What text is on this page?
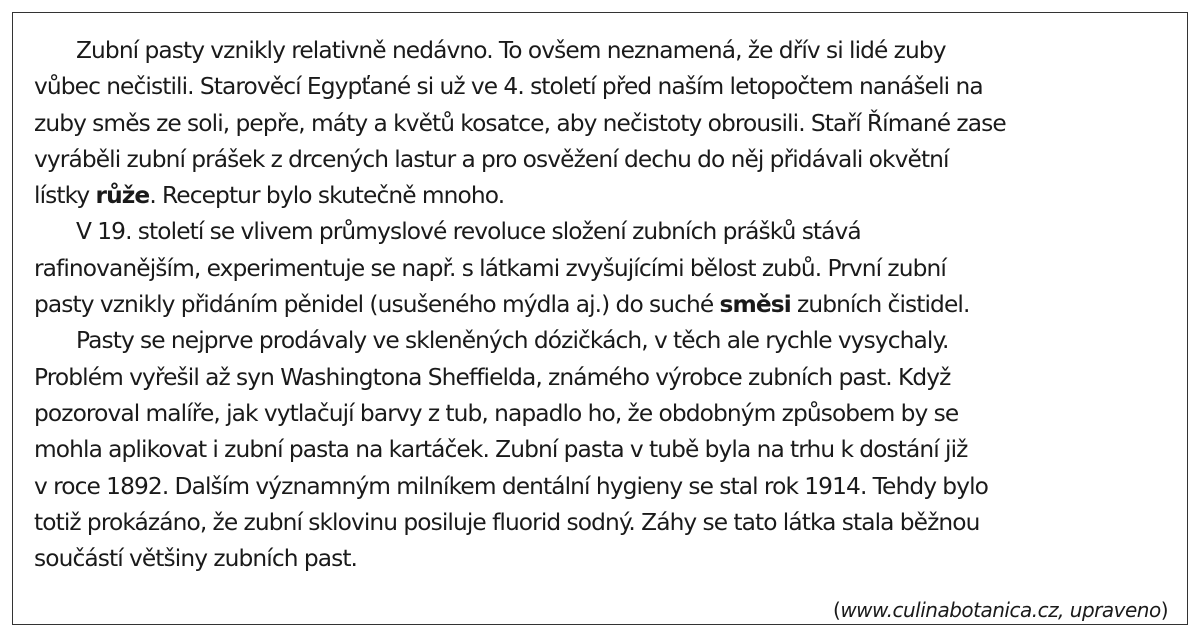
Zubní pasty vznikly relativně nedávno. To ovšem neznamená, že dřív si lidé zuby
vůbec nečistili. Starověcí Egypťané si už ve 4. století před naším letopočtem nanášeli na
zuby směs ze soli, pepře, máty a květů kosatce, aby nečistoty obrousili. Staří Římané zase
vyráběli zubní prášek z drcených lastur a pro osvěžení dechu do něj přidávali okvětní
lístky růže. Receptur bylo skutečně mnoho.
V 19. století se vlivem průmyslové revoluce složení zubních prášků stává
rafinovanějším, experimentuje se např. s látkami zvyšujícími bělost zubů. První zubní
pasty vznikly přidáním pěnidel (usušeného mýdla aj.) do suché směsi zubních čistidel.
Pasty se nejprve prodávaly ve skleněných dózičkách, v těch ale rychle vysychaly.
Problém vyřešil až syn Washingtona Sheffielda, známého výrobce zubních past. Když
pozoroval malíře, jak vytlačují barvy z tub, napadlo ho, že obdobným způsobem by se
mohla aplikovat i zubní pasta na kartáček. Zubní pasta v tubě byla na trhu k dostání již
v roce 1892. Dalším významným milníkem dentální hygieny se stal rok 1914. Tehdy bylo
totiž prokázáno, že zubní sklovinu posiluje fluorid sodný. Záhy se tato látka stala běžnou
součástí většiny zubních past.
(www.culinabotanica.cz, upraveno)
